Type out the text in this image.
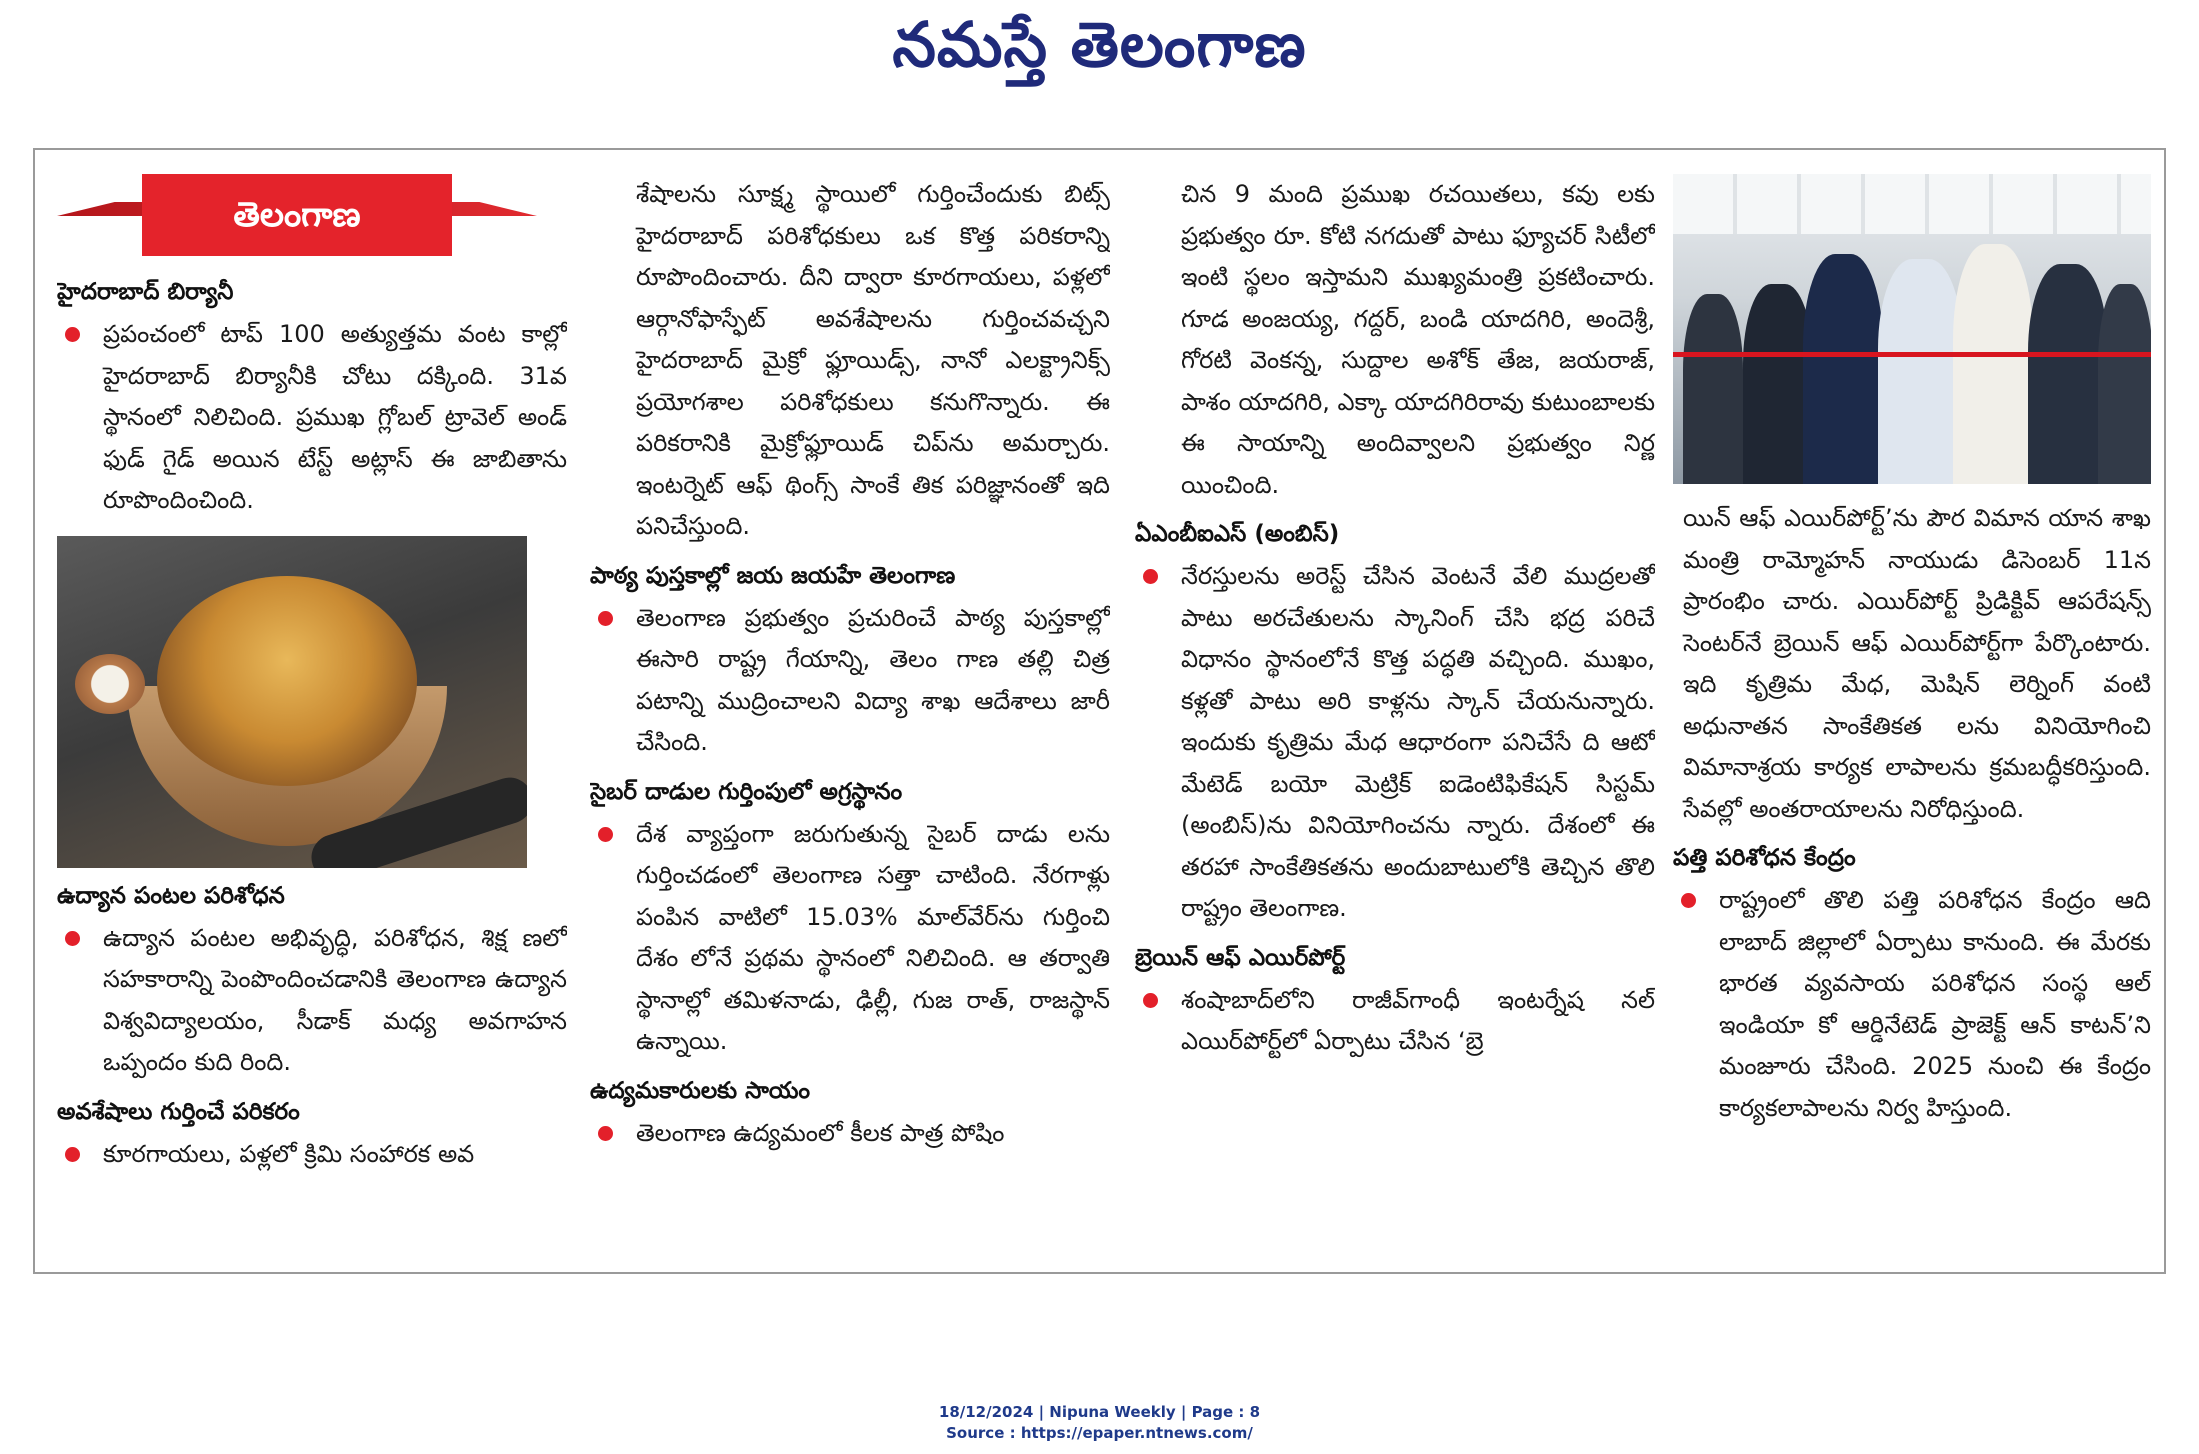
నమస్తే తెలంగాణ
తెలంగాణ
హైదరాబాద్ బిర్యానీ
ప్రపంచంలో టాప్ 100 అత్యుత్తమ వంట కాల్లో హైదరాబాద్ బిర్యానీకి చోటు దక్కింది. 31వ స్థానంలో నిలిచింది. ప్రముఖ గ్లోబల్ ట్రావెల్ అండ్ ఫుడ్ గైడ్ అయిన టేస్ట్ అట్లాస్ ఈ జాబితాను రూపొందించింది.
ఉద్యాన పంటల పరిశోధన
ఉద్యాన పంటల అభివృద్ధి, పరిశోధన, శిక్ష ణలో సహకారాన్ని పెంపొందించడానికి తెలంగాణ ఉద్యాన విశ్వవిద్యాలయం, సీడాక్ మధ్య అవగాహన ఒప్పందం కుది రింది.
అవశేషాలు గుర్తించే పరికరం
కూరగాయలు, పళ్లలో క్రిమి సంహారక అవ
శేషాలను సూక్ష్మ స్థాయిలో గుర్తించేందుకు బిట్స్ హైదరాబాద్ పరిశోధకులు ఒక కొత్త పరికరాన్ని రూపొందించారు. దీని ద్వారా కూరగాయలు, పళ్లలో ఆర్గానోఫాస్ఫేట్ అవశేషాలను గుర్తించవచ్చని హైదరాబాద్ మైక్రో ఫ్లూయిడ్స్, నానో ఎలక్ట్రానిక్స్ ప్రయోగశాల పరిశోధకులు కనుగొన్నారు. ఈ పరికరానికి మైక్రోఫ్లూయిడ్ చిప్‌ను అమర్చారు. ఇంటర్నెట్ ఆఫ్ థింగ్స్ సాంకే తిక పరిజ్ఞానంతో ఇది పనిచేస్తుంది.
పాఠ్య పుస్తకాల్లో జయ జయహే తెలంగాణ
తెలంగాణ ప్రభుత్వం ప్రచురించే పాఠ్య పుస్తకాల్లో ఈసారి రాష్ట్ర గేయాన్ని, తెలం గాణ తల్లి చిత్ర పటాన్ని ముద్రించాలని విద్యా శాఖ ఆదేశాలు జారీ చేసింది.
సైబర్ దాడుల గుర్తింపులో అగ్రస్థానం
దేశ వ్యాప్తంగా జరుగుతున్న సైబర్ దాడు లను గుర్తించడంలో తెలంగాణ సత్తా చాటింది. నేరగాళ్లు పంపిన వాటిలో 15.03% మాల్‌వేర్‌ను గుర్తించి దేశం లోనే ప్రథమ స్థానంలో నిలిచింది. ఆ తర్వాతి స్థానాల్లో తమిళనాడు, ఢిల్లీ, గుజ రాత్, రాజస్థాన్ ఉన్నాయి.
ఉద్యమకారులకు సాయం
తెలంగాణ ఉద్యమంలో కీలక పాత్ర పోషిం
చిన 9 మంది ప్రముఖ రచయితలు, కవు లకు ప్రభుత్వం రూ. కోటి నగదుతో పాటు ఫ్యూచర్ సిటీలో ఇంటి స్థలం ఇస్తామని ముఖ్యమంత్రి ప్రకటించారు. గూడ అంజయ్య, గద్దర్, బండి యాదగిరి, అందెశ్రీ, గోరటి వెంకన్న, సుద్దాల అశోక్ తేజ, జయరాజ్, పాశం యాదగిరి, ఎక్కా యాదగిరిరావు కుటుంబాలకు ఈ సాయాన్ని అందివ్వాలని ప్రభుత్వం నిర్ణ యించింది.
ఏఎంబీఐఎస్ (అంబిస్)
నేరస్తులను అరెస్ట్ చేసిన వెంటనే వేలి ముద్రలతో పాటు అరచేతులను స్కానింగ్ చేసి భద్ర పరిచే విధానం స్థానంలోనే కొత్త పద్ధతి వచ్చింది. ముఖం, కళ్లతో పాటు అరి కాళ్లను స్కాన్ చేయనున్నారు. ఇందుకు కృత్రిమ మేధ ఆధారంగా పనిచేసే ది ఆటో మేటెడ్ బయో మెట్రిక్ ఐడెంటిఫికేషన్ సిస్టమ్ (అంబిస్)ను వినియోగించను న్నారు. దేశంలో ఈ తరహా సాంకేతికతను అందుబాటులోకి తెచ్చిన తొలి రాష్ట్రం తెలంగాణ.
బ్రెయిన్ ఆఫ్ ఎయిర్‌పోర్ట్
శంషాబాద్‌లోని రాజీవ్‌గాంధీ ఇంటర్నేష నల్ ఎయిర్‌పోర్ట్‌లో ఏర్పాటు చేసిన ‘బ్రె
యిన్ ఆఫ్ ఎయిర్‌పోర్ట్’ను పౌర విమాన యాన శాఖ మంత్రి రామ్మోహన్ నాయుడు డిసెంబర్ 11న ప్రారంభిం చారు. ఎయిర్‌పోర్ట్ ప్రిడిక్టివ్ ఆపరేషన్స్ సెంటర్‌నే బ్రెయిన్ ఆఫ్ ఎయిర్‌పోర్ట్‌గా పేర్కొంటారు. ఇది కృత్రిమ మేధ, మెషిన్ లెర్నింగ్ వంటి అధునాతన సాంకేతికత లను వినియోగించి విమానాశ్రయ కార్యక లాపాలను క్రమబద్ధీకరిస్తుంది. సేవల్లో అంతరాయాలను నిరోధిస్తుంది.
పత్తి పరిశోధన కేంద్రం
రాష్ట్రంలో తొలి పత్తి పరిశోధన కేంద్రం ఆది లాబాద్ జిల్లాలో ఏర్పాటు కానుంది. ఈ మేరకు భారత వ్యవసాయ పరిశోధన సంస్థ ఆల్ ఇండియా కో ఆర్డినేటెడ్ ప్రాజెక్ట్ ఆన్ కాటన్’ని మంజూరు చేసింది. 2025 నుంచి ఈ కేంద్రం కార్యకలాపాలను నిర్వ హిస్తుంది.
18/12/2024 | Nipuna Weekly | Page : 8
Source : https://epaper.ntnews.com/
